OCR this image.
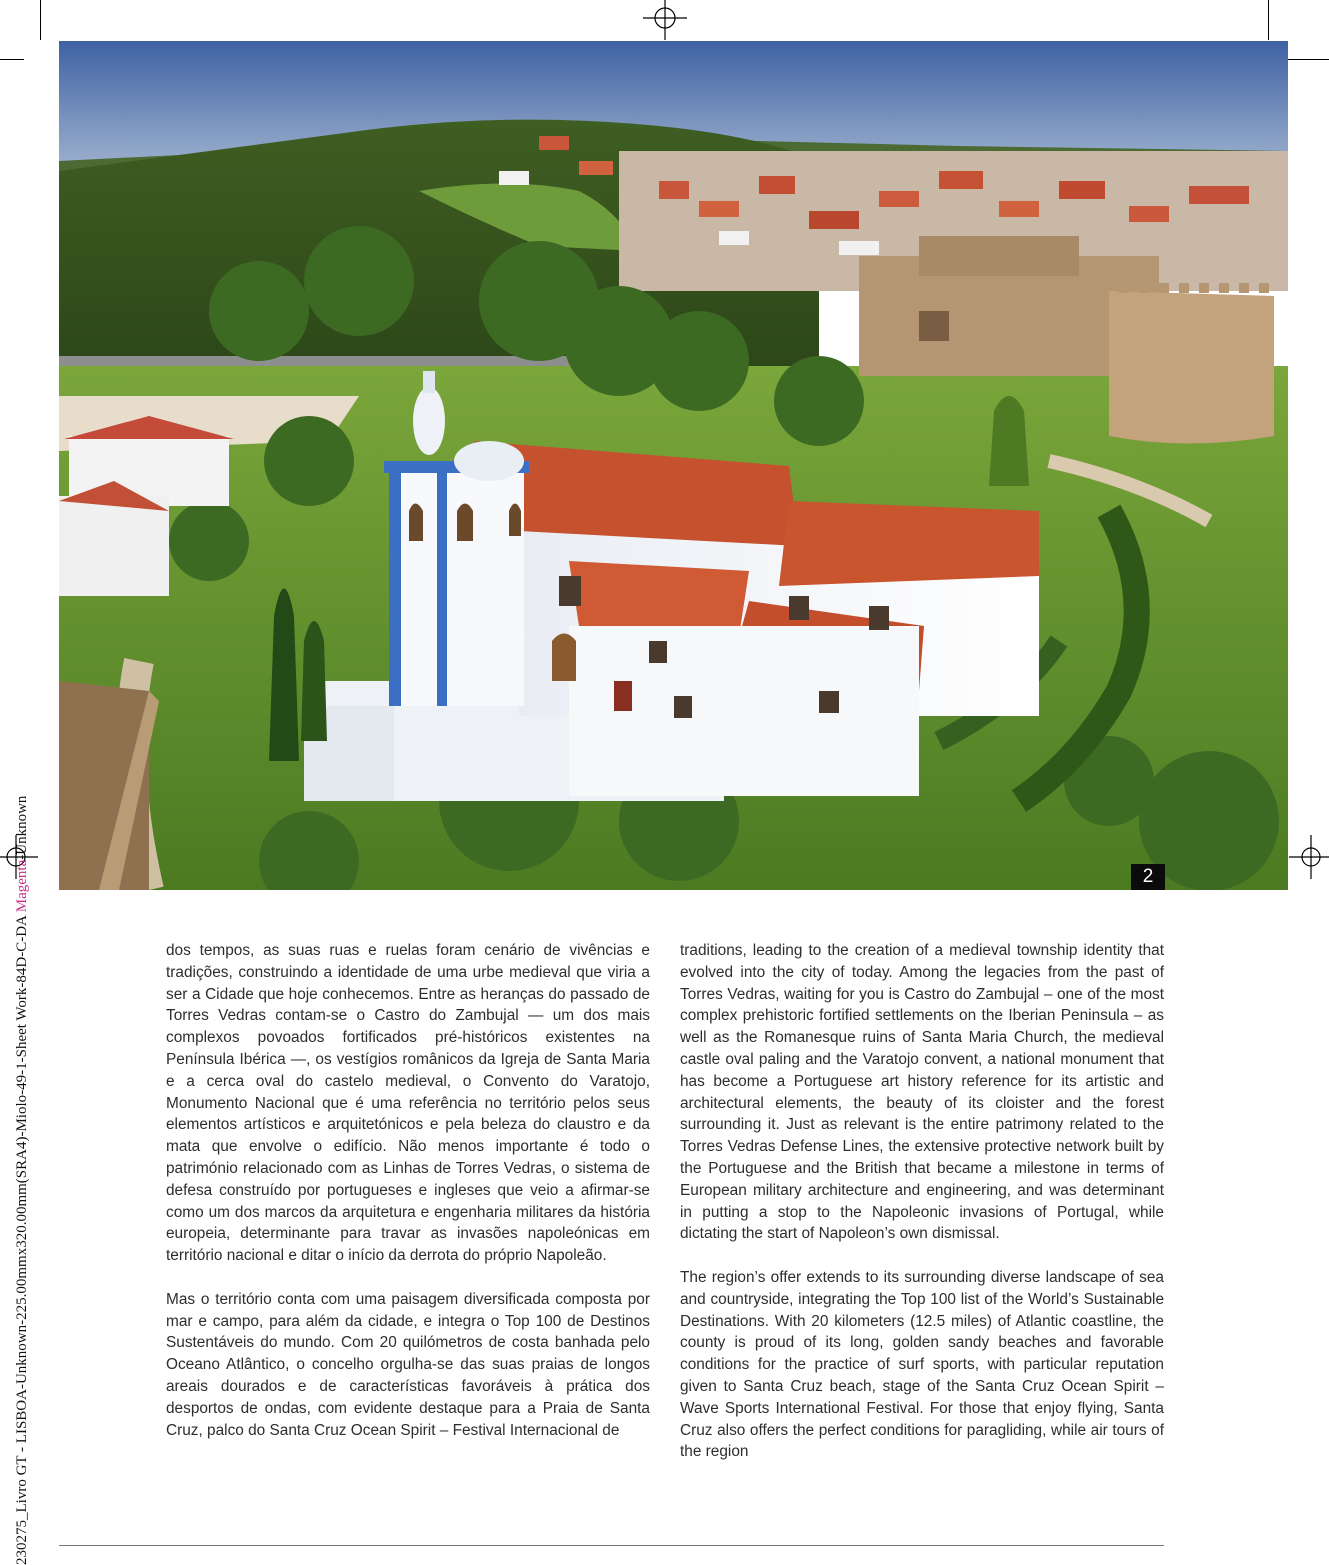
230275_Livro GT - LISBOA-Unknown-225.00mmx320.00mm(SRA4)-Miolo-49-1-Sheet Work-84D-C-DA Magenta-Unknown
2

dos tempos, as suas ruas e ruelas foram cenário de vivências e tradições, construindo a identidade de uma urbe medieval que viria a ser a Cidade que hoje conhecemos. Entre as heranças do passado de Torres Vedras contam-se o Castro do Zambujal — um dos mais complexos povoados fortificados pré-históricos existentes na Península Ibérica —, os vestígios românicos da Igreja de Santa Maria e a cerca oval do castelo medieval, o Convento do Varatojo, Monumento Nacional que é uma referência no território pelos seus elementos artísticos e arquitetónicos e pela beleza do claustro e da mata que envolve o edifício. Não menos importante é todo o património relacionado com as Linhas de Torres Vedras, o sistema de defesa construído por portugueses e ingleses que veio a afirmar-se como um dos marcos da arquitetura e engenharia militares da história europeia, determinante para travar as invasões napoleónicas em território nacional e ditar o início da derrota do próprio Napoleão.

Mas o território conta com uma paisagem diversificada composta por mar e campo, para além da cidade, e integra o Top 100 de Destinos Sustentáveis do mundo. Com 20 quilómetros de costa banhada pelo Oceano Atlântico, o concelho orgulha-se das suas praias de longos areais dourados e de características favoráveis à prática dos desportos de ondas, com evidente destaque para a Praia de Santa Cruz, palco do Santa Cruz Ocean Spirit – Festival Internacional de

traditions, leading to the creation of a medieval township identity that evolved into the city of today. Among the legacies from the past of Torres Vedras, waiting for you is Castro do Zambujal – one of the most complex prehistoric fortified settlements on the Iberian Peninsula – as well as the Romanesque ruins of Santa Maria Church, the medieval castle oval paling and the Varatojo convent, a national monument that has become a Portuguese art history reference for its artistic and architectural elements, the beauty of its cloister and the forest surrounding it. Just as relevant is the entire patrimony related to the Torres Vedras Defense Lines, the extensive protective network built by the Portuguese and the British that became a milestone in terms of European military architecture and engineering, and was determinant in putting a stop to the Napoleonic invasions of Portugal, while dictating the start of Napoleon’s own dismissal.

The region’s offer extends to its surrounding diverse landscape of sea and countryside, integrating the Top 100 list of the World’s Sustainable Destinations. With 20 kilometers (12.5 miles) of Atlantic coastline, the county is proud of its long, golden sandy beaches and favorable conditions for the practice of surf sports, with particular reputation given to Santa Cruz beach, stage of the Santa Cruz Ocean Spirit – Wave Sports International Festival. For those that enjoy flying, Santa Cruz also offers the perfect conditions for paragliding, while air tours of the region
